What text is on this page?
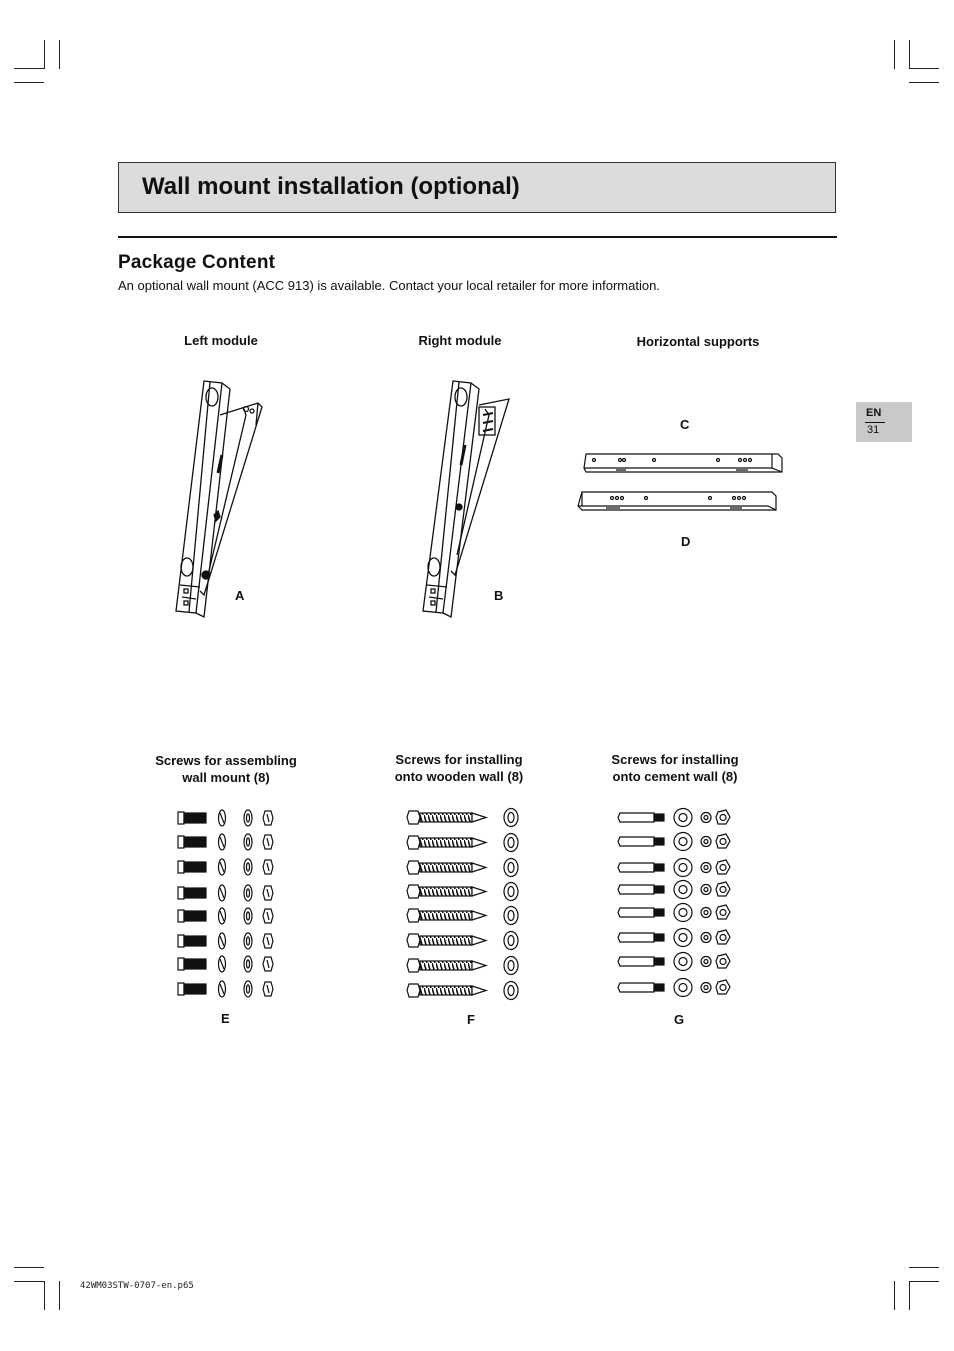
Wall mount installation (optional)
Package Content
An optional wall mount (ACC 913) is available. Contact your local retailer for more information.
EN
31
Left module	Right module	Horizontal supports
A	B
C
D
Screws for assembling
wall mount (8)
Screws for installing
onto wooden wall (8)
Screws for installing
onto cement wall (8)
E	F	G
42WM03STW-0707-en.p65
